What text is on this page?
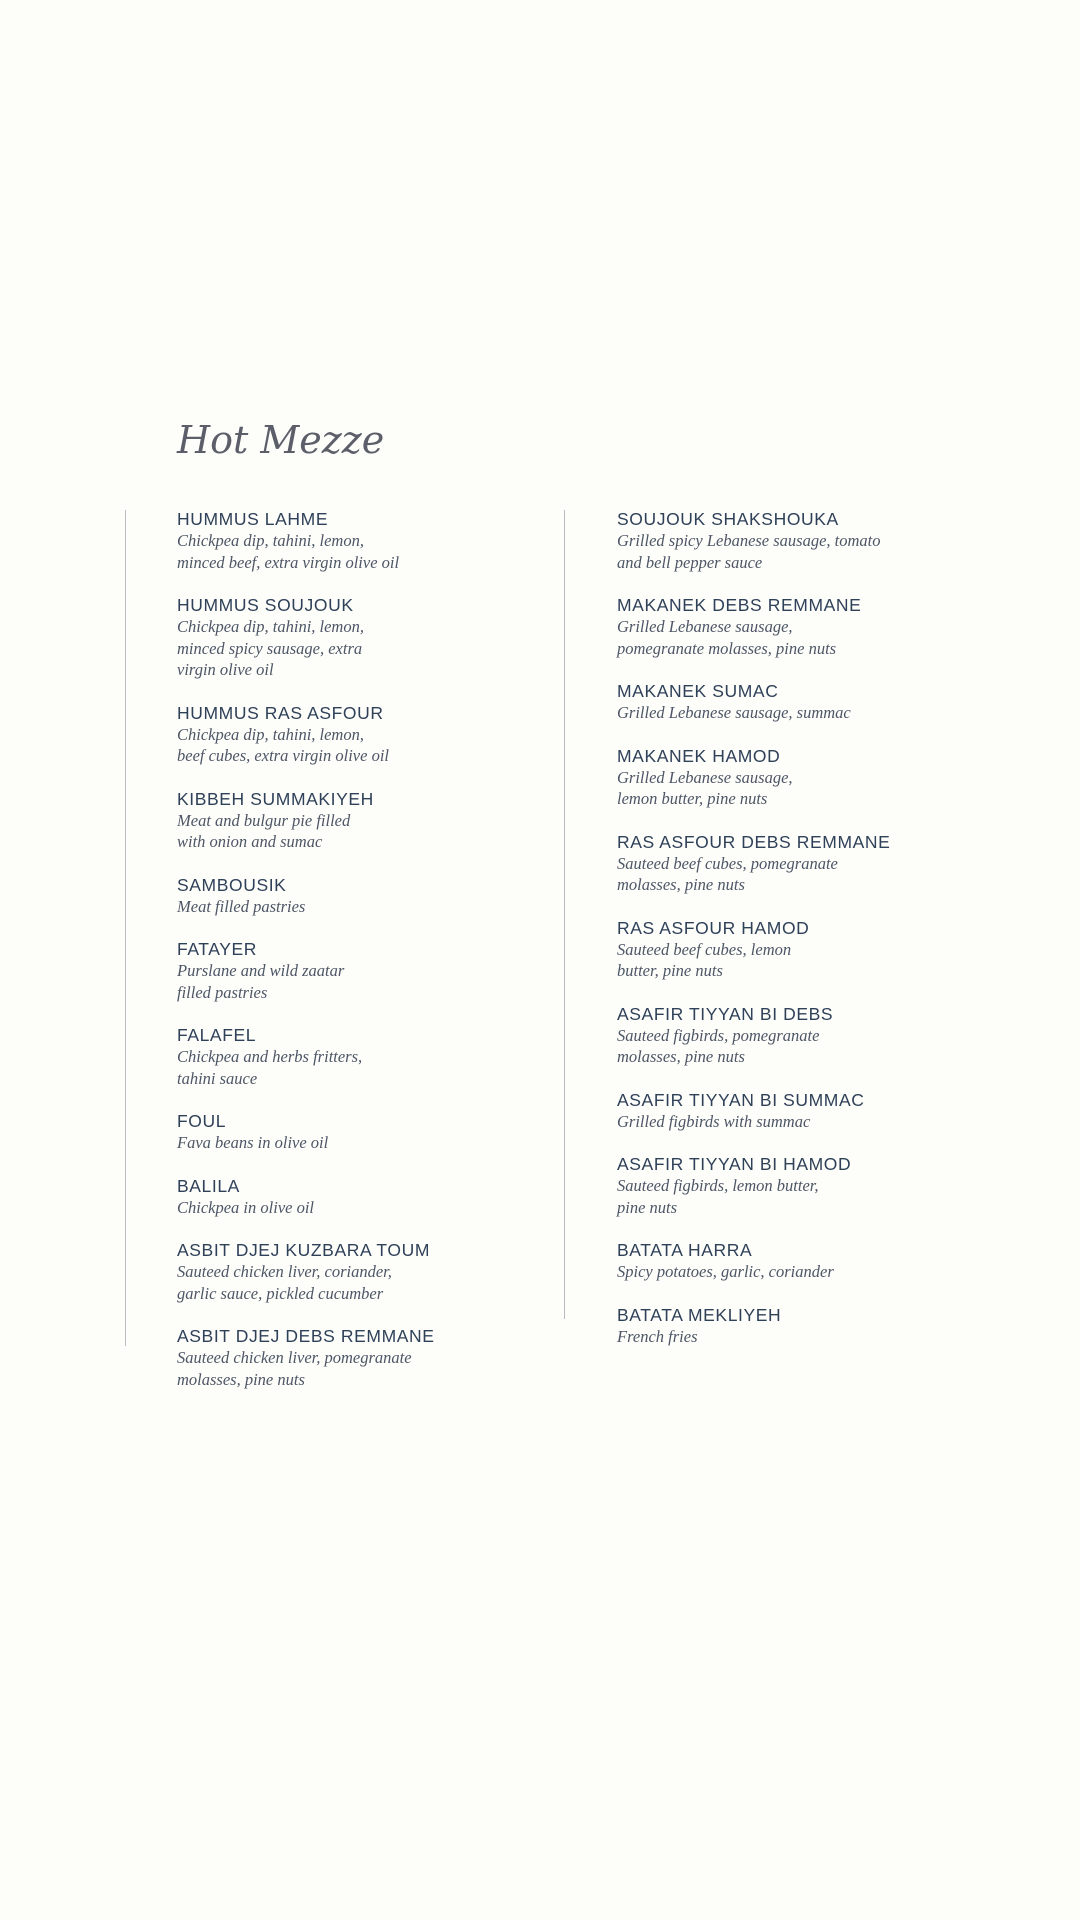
Hot Mezze
HUMMUS LAHME
Chickpea dip, tahini, lemon,
minced beef, extra virgin olive oil
HUMMUS SOUJOUK
Chickpea dip, tahini, lemon,
minced spicy sausage, extra
virgin olive oil
HUMMUS RAS ASFOUR
Chickpea dip, tahini, lemon,
beef cubes, extra virgin olive oil
KIBBEH SUMMAKIYEH
Meat and bulgur pie filled
with onion and sumac
SAMBOUSIK
Meat filled pastries
FATAYER
Purslane and wild zaatar
filled pastries
FALAFEL
Chickpea and herbs fritters,
tahini sauce
FOUL
Fava beans in olive oil
BALILA
Chickpea in olive oil
ASBIT DJEJ KUZBARA TOUM
Sauteed chicken liver, coriander,
garlic sauce, pickled cucumber
ASBIT DJEJ DEBS REMMANE
Sauteed chicken liver, pomegranate
molasses, pine nuts
SOUJOUK SHAKSHOUKA
Grilled spicy Lebanese sausage, tomato
and bell pepper sauce
MAKANEK DEBS REMMANE
Grilled Lebanese sausage,
pomegranate molasses, pine nuts
MAKANEK SUMAC
Grilled Lebanese sausage, summac
MAKANEK HAMOD
Grilled Lebanese sausage,
lemon butter, pine nuts
RAS ASFOUR DEBS REMMANE
Sauteed beef cubes, pomegranate
molasses, pine nuts
RAS ASFOUR HAMOD
Sauteed beef cubes, lemon
butter, pine nuts
ASAFIR TIYYAN BI DEBS
Sauteed figbirds, pomegranate
molasses, pine nuts
ASAFIR TIYYAN BI SUMMAC
Grilled figbirds with summac
ASAFIR TIYYAN BI HAMOD
Sauteed figbirds, lemon butter,
pine nuts
BATATA HARRA
Spicy potatoes, garlic, coriander
BATATA MEKLIYEH
French fries
